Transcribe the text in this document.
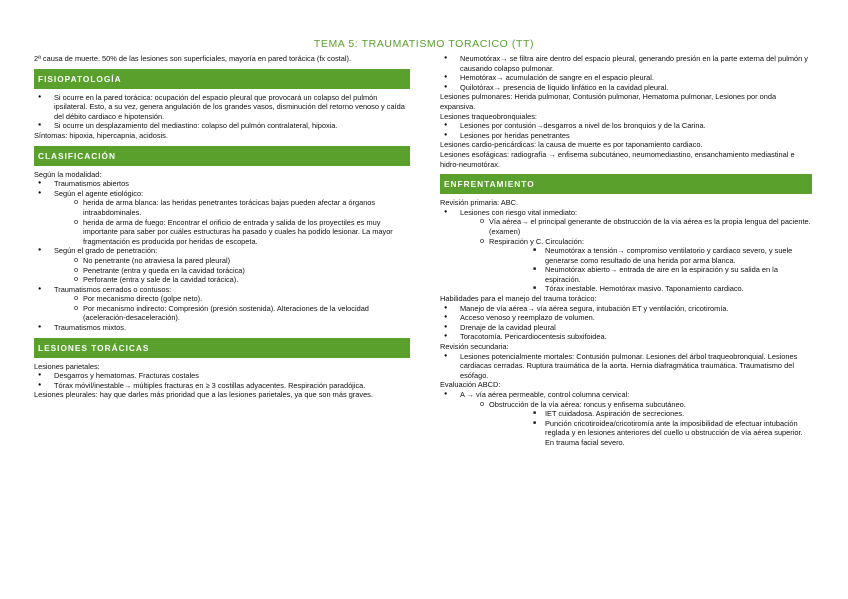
TEMA 5: TRAUMATISMO TORACICO (TT)

2ª causa de muerte. 50% de las lesiones son superficiales, mayoría en pared torácica (fx costal).

FISIOPATOLOGÍA
● Si ocurre en la pared torácica: ocupación del espacio pleural que provocará un colapso del pulmón ipsilateral. Esto, a su vez, genera angulación de los grandes vasos, disminución del retorno venoso y caída del débito cardiaco e hipotensión.
● Si ocurre un desplazamiento del mediastino: colapso del pulmón contralateral, hipoxia.

Síntomas: hipoxia, hipercapnia, acidosis.

CLASIFICACIÓN

Según la modalidad:

● Traumatismos abiertos
● Según el agente etiológico:
o herida de arma blanca: las heridas penetrantes torácicas bajas pueden afectar a órganos intraabdominales.
o herida de arma de fuego: Encontrar el orificio de entrada y salida de los proyectiles es muy importante para saber por cuáles estructuras ha pasado y cuales ha podido lesionar. La mayor fragmentación es producida por heridas de escopeta.
● Según el grado de penetración:
o No penetrante (no atraviesa la pared pleural)
o Penetrante (entra y queda en la cavidad torácica)
o Perforante (entra y sale de la cavidad torácica).
● Traumatismos cerrados o contusos:
o Por mecanismo directo (golpe neto).
o Por mecanismo indirecto: Compresión (presión sostenida). Alteraciones de la velocidad (aceleración-desaceleración).
● Traumatismos mixtos.
LESIONES TORÁCICAS

Lesiones parietales:

● Desgarros y hematomas. Fracturas costales
● Tórax móvil/inestable→ múltiples fracturas en ≥ 3 costillas adyacentes. Respiración paradójica.

Lesiones pleurales: hay que darles más prioridad que a las lesiones parietales, ya que son más graves.

● Neumotórax→ se filtra aire dentro del espacio pleural, generando presión en la parte externa del pulmón y causando colapso pulmonar.
● Hemotórax→ acumulación de sangre en el espacio pleural.
● Quilotórax→ presencia de líquido linfático en la cavidad pleural.

Lesiones pulmonares: Herida pulmonar, Contusión pulmonar, Hematoma pulmonar, Lesiones por onda expansiva.

Lesiones traqueobronquiales:

● Lesiones por contusión→desgarros a nivel de los bronquios y de la Carina.
● Lesiones por heridas penetrantes

Lesiones cardio-pericárdicas: la causa de muerte es por taponamiento cardiaco.

Lesiones esofágicas: radiografía → enfisema subcutáneo, neumomediastino, ensanchamiento mediastinal e hidro-neumotórax.

ENFRENTAMIENTO

Revisión primaria: ABC.

● Lesiones con riesgo vital inmediato:
o Vía aérea→ el principal generante de obstrucción de la vía aérea es la propia lengua del paciente. (examen)
o Respiración y C. Circulación:
■ Neumotórax a tensión→ compromiso ventilatorio y cardiaco severo, y suele generarse como resultado de una herida por arma blanca.
■ Neumotórax abierto→ entrada de aire en la espiración y su salida en la espiración.
■ Tórax inestable. Hemotórax masivo. Taponamiento cardiaco.

Habilidades para el manejo del trauma torácico:

● Manejo de vía aérea→ vía aérea segura, intubación ET y ventilación, cricotiromía.
● Acceso venoso y reemplazo de volumen.
● Drenaje de la cavidad pleural
● Toracotomía. Pericardiocentesis subxifoidea.

Revisión secundaria:

● Lesiones potencialmente mortales: Contusión pulmonar. Lesiones del árbol traqueobronquial. Lesiones cardiacas cerradas. Ruptura traumática de la aorta. Hernia diafragmática traumática. Traumatismo del esófago.

Evaluación ABCD:

● A → vía aérea permeable, control columna cervical:
o Obstrucción de la vía aérea: roncus y enfisema subcutáneo.
■ IET cuidadosa. Aspiración de secreciones.
■ Punción cricotiroidea/cricotiromía ante la imposibilidad de efectuar intubación reglada y en lesiones anteriores del cuello u obstrucción de vía aérea superior. En trauma facial severo.
